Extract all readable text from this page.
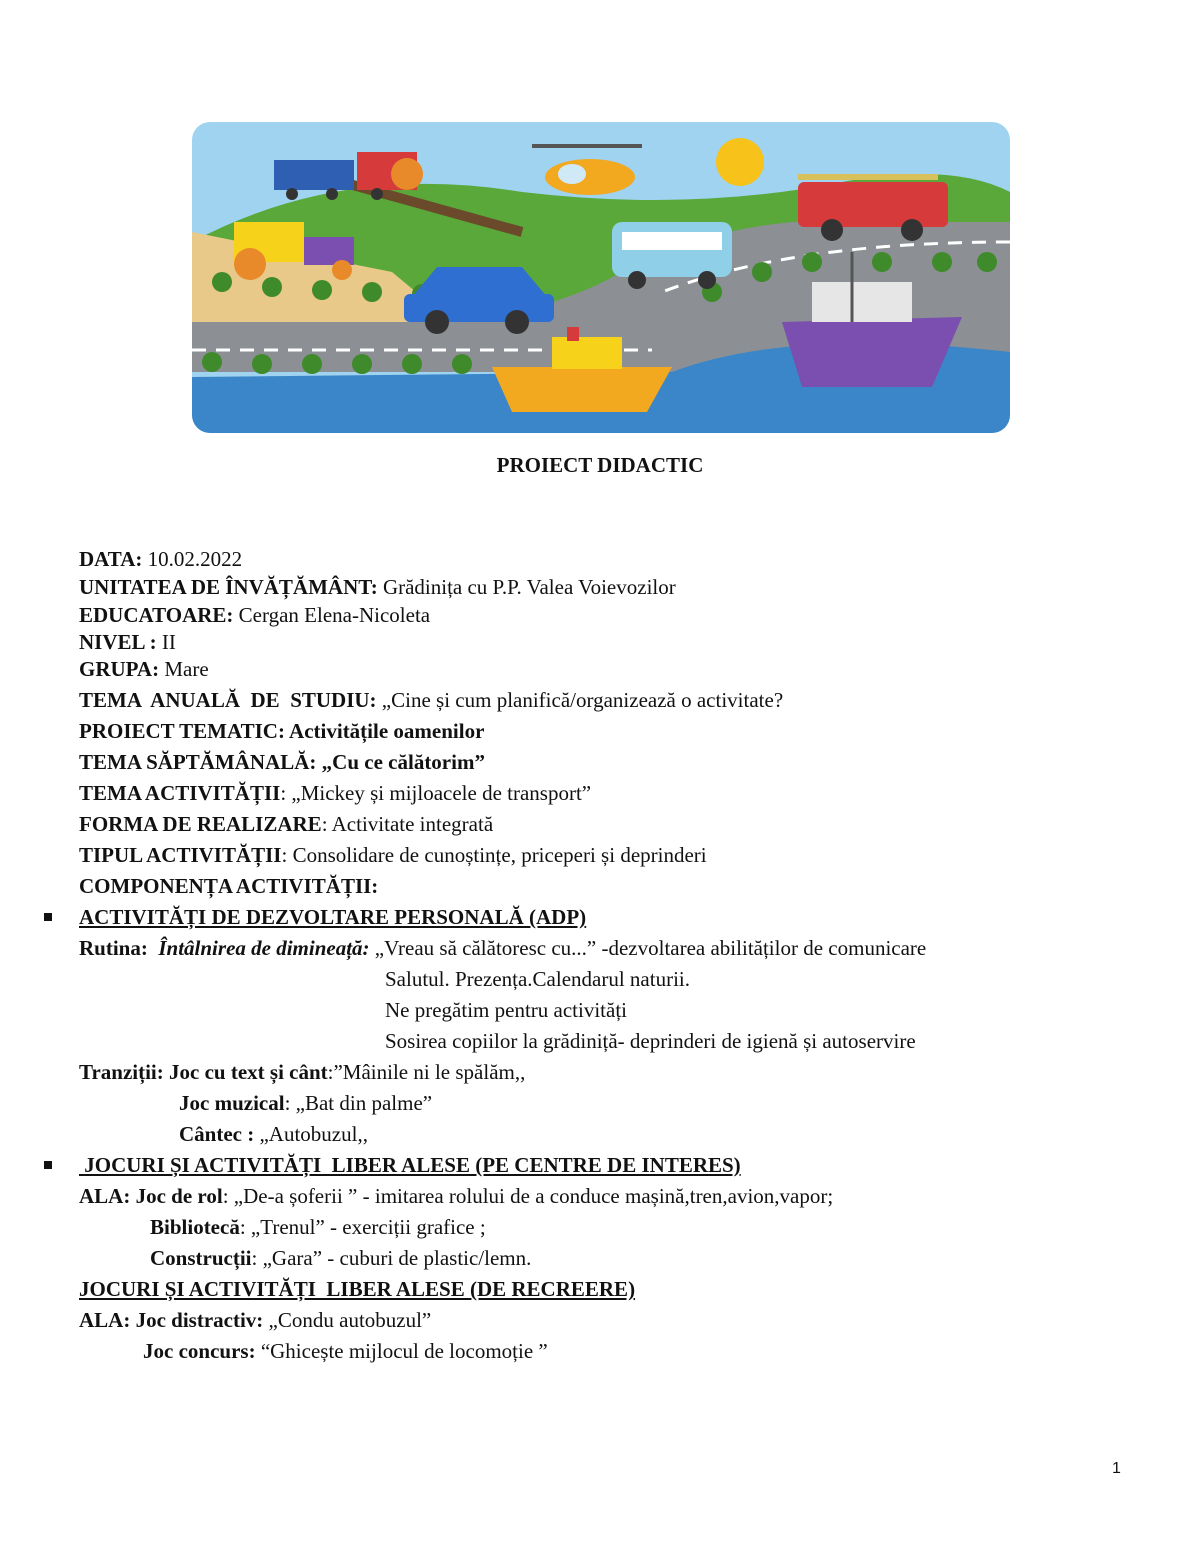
PROIECT DIDACTIC
DATA: 10.02.2022
UNITATEA DE ÎNVĂȚĂMÂNT: Grădinița cu P.P. Valea Voievozilor
EDUCATOARE: Cergan Elena-Nicoleta
NIVEL : II
GRUPA: Mare
TEMA  ANUALĂ  DE  STUDIU: „Cine și cum planifică/organizează o activitate?
PROIECT TEMATIC: Activitățile oamenilor
TEMA SĂPTĂMÂNALĂ: „Cu ce călătorim”
TEMA ACTIVITĂȚII: „Mickey și mijloacele de transport”
FORMA DE REALIZARE: Activitate integrată
TIPUL ACTIVITĂȚII: Consolidare de cunoștințe, priceperi și deprinderi
COMPONENȚA ACTIVITĂȚII:
ACTIVITĂȚI DE DEZVOLTARE PERSONALĂ (ADP)
Rutina: Întâlnirea de dimineață: „Vreau să călătoresc cu...” -dezvoltarea abilităților de comunicare
Salutul. Prezența.Calendarul naturii.
Ne pregătim pentru activități
Sosirea copiilor la grădiniță- deprinderi de igienă și autoservire
Tranziții: Joc cu text și cânt:”Mâinile ni le spălăm,,
Joc muzical: „Bat din palme”
Cântec : „Autobuzul,,
JOCURI ȘI ACTIVITĂȚI  LIBER ALESE (PE CENTRE DE INTERES)
ALA: Joc de rol: „De-a șoferii ” - imitarea rolului de a conduce mașină,tren,avion,vapor;
Bibliotecă: „Trenul” - exerciții grafice ;
Construcții: „Gara” - cuburi de plastic/lemn.
JOCURI ȘI ACTIVITĂȚI  LIBER ALESE (DE RECREERE)
ALA: Joc distractiv: „Condu autobuzul”
Joc concurs: “Ghicește mijlocul de locomoție ”
1
